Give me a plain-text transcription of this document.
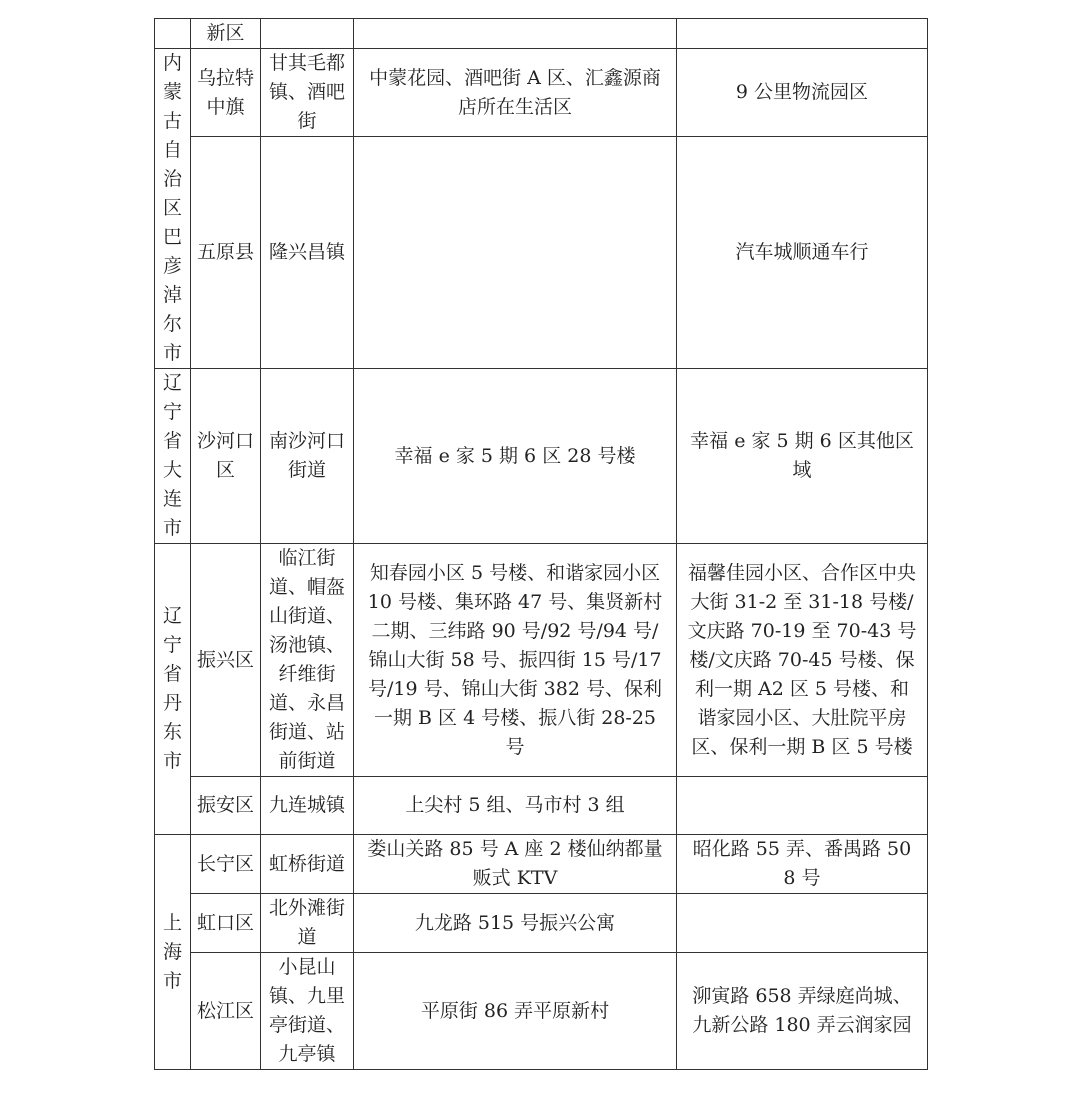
	新区			
内蒙古自治区巴彦淖尔市	乌拉特中旗	甘其毛都镇、酒吧街	中蒙花园、酒吧街 A 区、汇鑫源商店所在生活区	9 公里物流园区
	五原县	隆兴昌镇		汽车城顺通车行
辽宁省大连市	沙河口区	南沙河口街道	幸福 e 家 5 期 6 区 28 号楼	幸福 e 家 5 期 6 区其他区域
辽宁省丹东市	振兴区	临江街道、帽盔山街道、汤池镇、纤维街道、永昌街道、站前街道	知春园小区 5 号楼、和谐家园小区 10 号楼、集环路 47 号、集贤新村二期、三纬路 90 号/92 号/94 号/锦山大街 58 号、振四街 15 号/17 号/19 号、锦山大街 382 号、保利一期 B 区 4 号楼、振八街 28-25 号	福馨佳园小区、合作区中央大街 31-2 至 31-18 号楼/文庆路 70-19 至 70-43 号楼/文庆路 70-45 号楼、保利一期 A2 区 5 号楼、和谐家园小区、大肚院平房区、保利一期 B 区 5 号楼
	振安区	九连城镇	上尖村 5 组、马市村 3 组	
上海市	长宁区	虹桥街道	娄山关路 85 号 A 座 2 楼仙纳都量贩式 KTV	昭化路 55 弄、番禺路 508 号
	虹口区	北外滩街道	九龙路 515 号振兴公寓	
	松江区	小昆山镇、九里亭街道、九亭镇	平原街 86 弄平原新村	泖寅路 658 弄绿庭尚城、九新公路 180 弄云润家园
